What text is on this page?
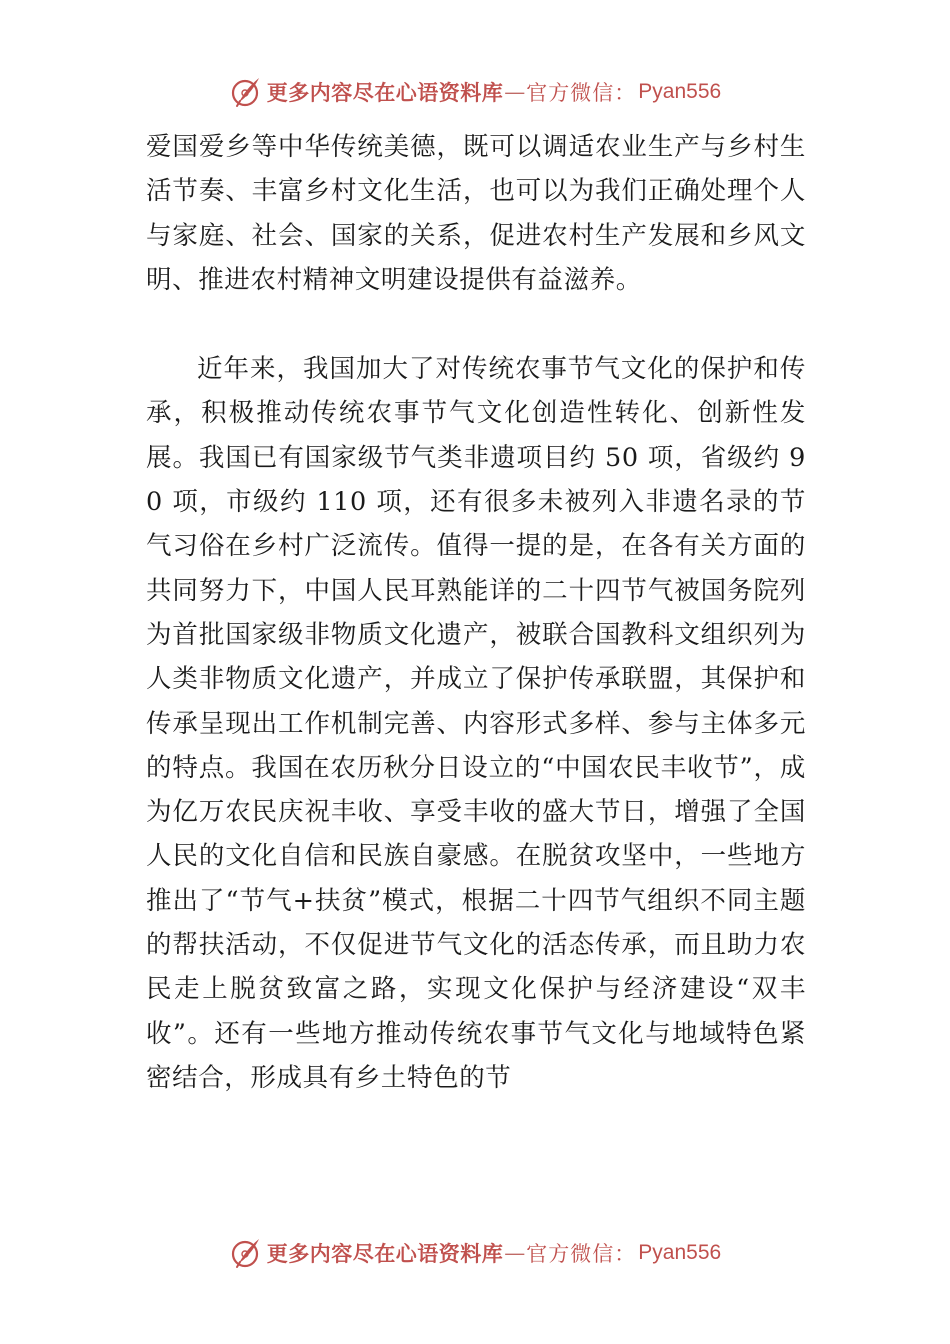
更多内容尽在心语资料库 — 官方微信： Pyan556

爱国爱乡等中华传统美德，既可以调适农业生产与乡村生活节奏、丰富乡村文化生活，也可以为我们正确处理个人与家庭、社会、国家的关系，促进农村生产发展和乡风文明、推进农村精神文明建设提供有益滋养。

近年来，我国加大了对传统农事节气文化的保护和传承，积极推动传统农事节气文化创造性转化、创新性发展。我国已有国家级节气类非遗项目约 50 项，省级约 90 项，市级约 110 项，还有很多未被列入非遗名录的节气习俗在乡村广泛流传。值得一提的是，在各有关方面的共同努力下，中国人民耳熟能详的二十四节气被国务院列为首批国家级非物质文化遗产，被联合国教科文组织列为人类非物质文化遗产，并成立了保护传承联盟，其保护和传承呈现出工作机制完善、内容形式多样、参与主体多元的特点。我国在农历秋分日设立的“中国农民丰收节”，成为亿万农民庆祝丰收、享受丰收的盛大节日，增强了全国人民的文化自信和民族自豪感。在脱贫攻坚中，一些地方推出了“节气+扶贫”模式，根据二十四节气组织不同主题的帮扶活动，不仅促进节气文化的活态传承，而且助力农民走上脱贫致富之路，实现文化保护与经济建设“双丰收”。还有一些地方推动传统农事节气文化与地域特色紧密结合，形成具有乡土特色的节

更多内容尽在心语资料库 — 官方微信： Pyan556
